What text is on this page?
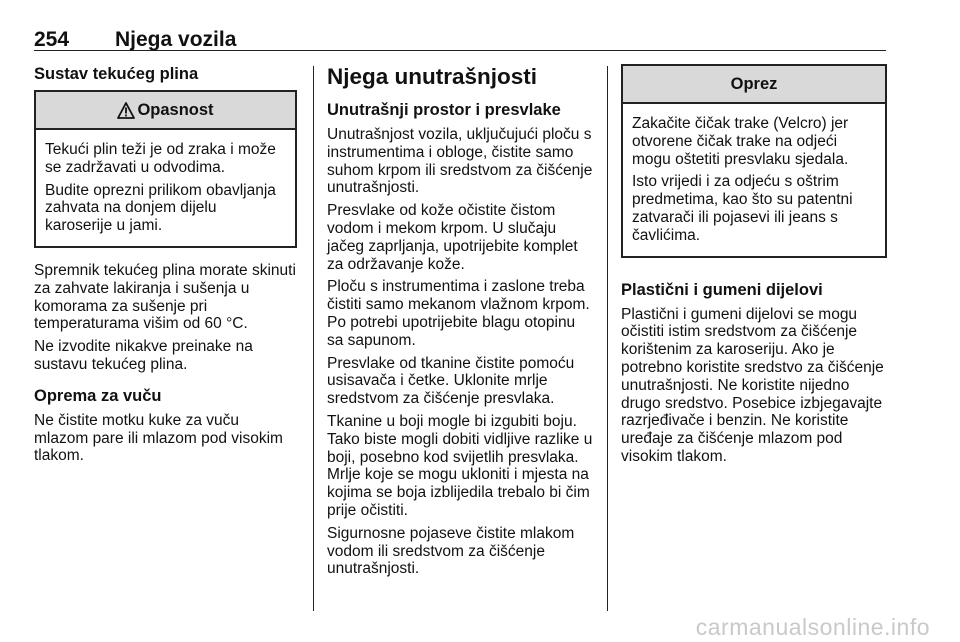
254 Njega vozila
Sustav tekućeg plina
Opasnost

Tekući plin teži je od zraka i može se zadržavati u odvodima.

Budite oprezni prilikom obavljanja zahvata na donjem dijelu karoserije u jami.

Spremnik tekućeg plina morate skinuti za zahvate lakiranja i sušenja u komorama za sušenje pri temperaturama višim od 60 °C.

Ne izvodite nikakve preinake na sustavu tekućeg plina.

Oprema za vuču

Ne čistite motku kuke za vuču mlazom pare ili mlazom pod visokim tlakom.

Njega unutrašnjosti
Unutrašnji prostor i presvlake

Unutrašnjost vozila, uključujući ploču s instrumentima i obloge, čistite samo suhom krpom ili sredstvom za čišćenje unutrašnjosti.

Presvlake od kože očistite čistom vodom i mekom krpom. U slučaju jačeg zaprljanja, upotrijebite komplet za održavanje kože.

Ploču s instrumentima i zaslone treba čistiti samo mekanom vlažnom krpom. Po potrebi upotrijebite blagu otopinu sa sapunom.

Presvlake od tkanine čistite pomoću usisavača i četke. Uklonite mrlje sredstvom za čišćenje presvlaka.

Tkanine u boji mogle bi izgubiti boju. Tako biste mogli dobiti vidljive razlike u boji, posebno kod svijetlih presvlaka. Mrlje koje se mogu ukloniti i mjesta na kojima se boja izblijedila trebalo bi čim prije očistiti.

Sigurnosne pojaseve čistite mlakom vodom ili sredstvom za čišćenje unutrašnjosti.

Oprez

Zakačite čičak trake (Velcro) jer otvorene čičak trake na odjeći mogu oštetiti presvlaku sjedala.

Isto vrijedi i za odjeću s oštrim predmetima, kao što su patentni zatvarači ili pojasevi ili jeans s čavlićima.

Plastični i gumeni dijelovi

Plastični i gumeni dijelovi se mogu očistiti istim sredstvom za čišćenje korištenim za karoseriju. Ako je potrebno koristite sredstvo za čišćenje unutrašnjosti. Ne koristite nijedno drugo sredstvo. Posebice izbjegavajte razrjeđivače i benzin. Ne koristite uređaje za čišćenje mlazom pod visokim tlakom.

carmanualsonline.info
